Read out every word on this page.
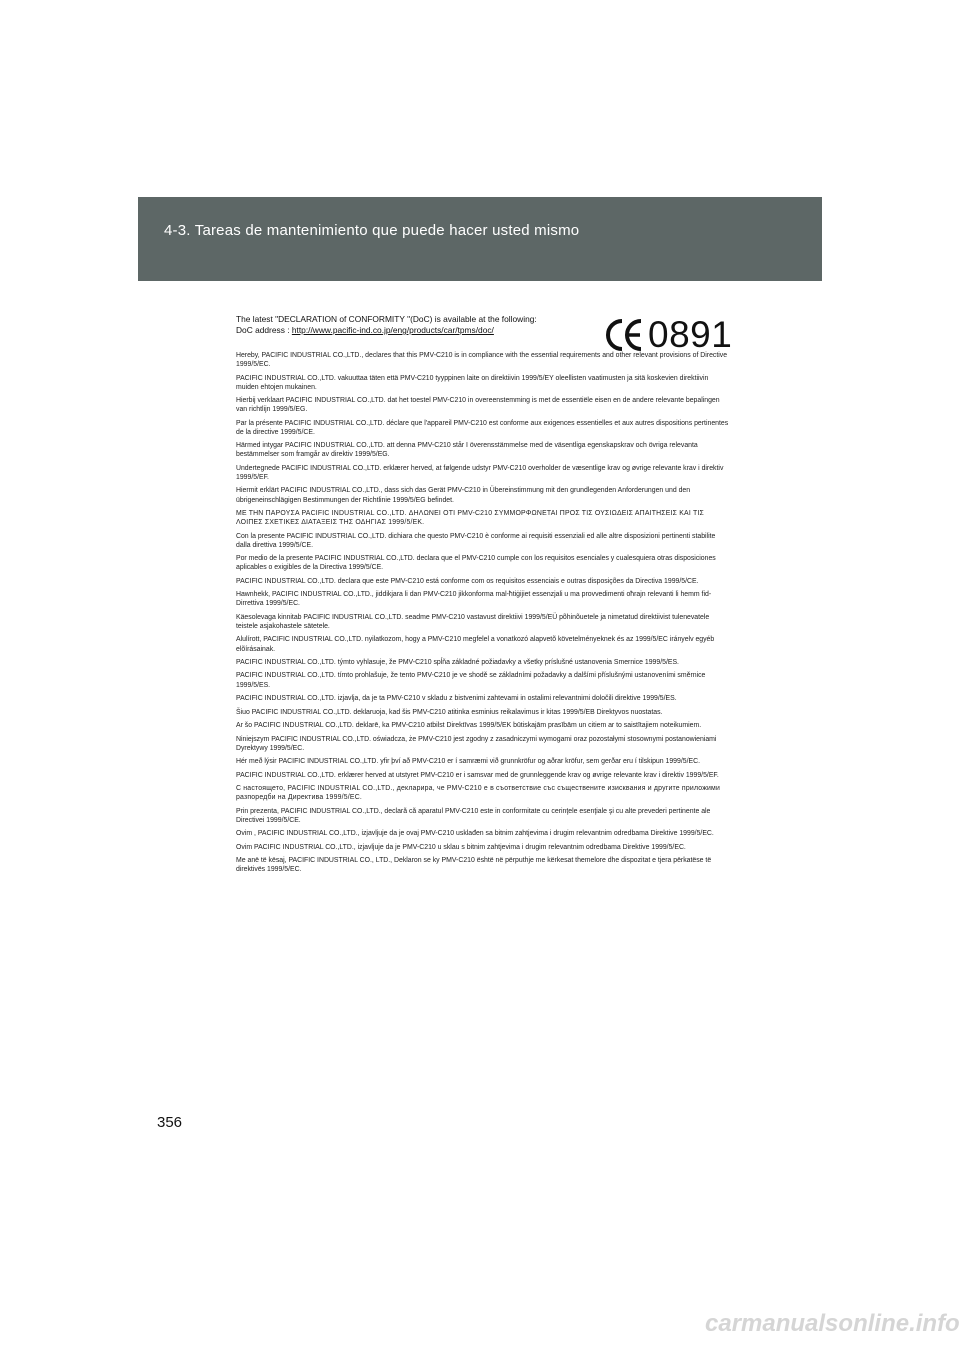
4-3. Tareas de mantenimiento que puede hacer usted mismo
The latest "DECLARATION of CONFORMITY "(DoC) is available at the following:
DoC address : http://www.pacific-ind.co.jp/eng/products/car/tpms/doc/	0891

Hereby, PACIFIC INDUSTRIAL CO.,LTD., declares that this PMV-C210 is in compliance with the essential requirements and other relevant provisions of Directive 1999/5/EC.

PACIFIC INDUSTRIAL CO.,LTD. vakuuttaa täten että PMV-C210 tyyppinen laite on direktiivin 1999/5/EY oleellisten vaatimusten ja sitä koskevien direktiivin muiden ehtojen mukainen.

Hierbij verklaart PACIFIC INDUSTRIAL CO.,LTD. dat het toestel PMV-C210 in overeenstemming is met de essentiële eisen en de andere relevante bepalingen van richtlijn 1999/5/EG.

Par la présente PACIFIC INDUSTRIAL CO.,LTD. déclare que l'appareil PMV-C210 est conforme aux exigences essentielles et aux autres dispositions pertinentes de la directive 1999/5/CE.

Härmed intygar PACIFIC INDUSTRIAL CO.,LTD. att denna PMV-C210 står I överensstämmelse med de väsentliga egenskapskrav och övriga relevanta bestämmelser som framgår av direktiv 1999/5/EG.

Undertegnede PACIFIC INDUSTRIAL CO.,LTD. erklærer herved, at følgende udstyr PMV-C210 overholder de væsentlige krav og øvrige relevante krav i direktiv 1999/5/EF.

Hiermit erklärt PACIFIC INDUSTRIAL CO.,LTD., dass sich das Gerät PMV-C210 in Übereinstimmung mit den grundlegenden Anforderungen und den übrigeneinschlägigen Bestimmungen der Richtlinie 1999/5/EG befindet.

ΜΕ ΤΗΝ ΠΑΡΟΥΣΑ PACIFIC INDUSTRIAL CO.,LTD. ΔΗΛΩΝΕΙ ΟΤΙ PMV-C210 ΣΥΜΜΟΡΦΩΝΕΤΑΙ ΠΡΟΣ ΤΙΣ ΟΥΣΙΩΔΕΙΣ ΑΠΑΙΤΗΣΕΙΣ ΚΑΙ ΤΙΣ ΛΟΙΠΕΣ ΣΧΕΤΙΚΕΣ ΔΙΑΤΑΞΕΙΣ ΤΗΣ ΟΔΗΓΙΑΣ 1999/5/ΕΚ.

Con la presente PACIFIC INDUSTRIAL CO.,LTD. dichiara che questo PMV-C210 è conforme ai requisiti essenziali ed alle altre disposizioni pertinenti stabilite dalla direttiva 1999/5/CE.

Por medio de la presente PACIFIC INDUSTRIAL CO.,LTD. declara que el PMV-C210 cumple con los requisitos esenciales y cualesquiera otras disposiciones aplicables o exigibles de la Directiva 1999/5/CE.

PACIFIC INDUSTRIAL CO.,LTD. declara que este PMV-C210 está conforme com os requisitos essenciais e outras disposições da Directiva 1999/5/CE.

Hawnhekk, PACIFIC INDUSTRIAL CO.,LTD., jiddikjara li dan PMV-C210 jikkonforma mal-ħtiġijiet essenzjali u ma provvedimenti oħrajn relevanti li hemm fid-Dirrettiva 1999/5/EC.

Käesolevaga kinnitab PACIFIC INDUSTRIAL CO.,LTD. seadme PMV-C210 vastavust direktiivi 1999/5/EÜ põhinõuetele ja nimetatud direktiivist tulenevatele teistele asjakohastele sätetele.

Alulírott, PACIFIC INDUSTRIAL CO.,LTD. nyilatkozom, hogy a PMV-C210 megfelel a vonatkozó alapvetõ követelményeknek és az 1999/5/EC irányelv egyéb elõírásainak.

PACIFIC INDUSTRIAL CO.,LTD. týmto vyhlasuje, že PMV-C210 spĺňa základné požiadavky a všetky príslušné ustanovenia Smernice 1999/5/ES.

PACIFIC INDUSTRIAL CO.,LTD. tímto prohlašuje, že tento PMV-C210 je ve shodě se základními požadavky a dalšími příslušnými ustanoveními směrnice 1999/5/ES.

PACIFIC INDUSTRIAL CO.,LTD. izjavlja, da je ta PMV-C210 v skladu z bistvenimi zahtevami in ostalimi relevantnimi določili direktive 1999/5/ES.

Šiuo PACIFIC INDUSTRIAL CO.,LTD. deklaruoja, kad šis PMV-C210 atitinka esminius reikalavimus ir kitas 1999/5/EB Direktyvos nuostatas.

Ar šo PACIFIC INDUSTRIAL CO.,LTD. deklarē, ka PMV-C210 atbilst Direktīvas 1999/5/EK būtiskajām prasībām un citiem ar to saistītajiem noteikumiem.

Niniejszym PACIFIC INDUSTRIAL CO.,LTD. oświadcza, że PMV-C210 jest zgodny z zasadniczymi wymogami oraz pozostałymi stosownymi postanowieniami Dyrektywy 1999/5/EC.

Hér með lýsir PACIFIC INDUSTRIAL CO.,LTD. yfir því að PMV-C210 er í samræmi við grunnkröfur og aðrar kröfur, sem gerðar eru í tilskipun 1999/5/EC.

PACIFIC INDUSTRIAL CO.,LTD. erklærer herved at utstyret PMV-C210 er i samsvar med de grunnleggende krav og øvrige relevante krav i direktiv 1999/5/EF.

С настоящето, PACIFIC INDUSTRIAL CO.,LTD., декларира, че PMV-C210 е в съответствие със съществените изисквания и другите приложими разпоредби на Директива 1999/5/ЕС.

Prin prezenta, PACIFIC INDUSTRIAL CO.,LTD., declară că aparatul PMV-C210 este in conformitate cu cerinţele esenţiale şi cu alte prevederi pertinente ale Directivei 1999/5/CE.

Ovim , PACIFIC INDUSTRIAL CO.,LTD., izjavljuje da je ovaj PMV-C210 usklađen sa bitnim zahtjevima i drugim relevantnim odredbama Direktive 1999/5/EC.

Ovim PACIFIC INDUSTRIAL CO.,LTD., izjavljuje da je PMV-C210 u sklau s bitnim zahtjevima i drugim relevantnim odredbama Direktive 1999/5/EC.

Me anë të kësaj, PACIFIC INDUSTRIAL CO., LTD., Deklaron se ky PMV-C210 është në përputhje me kërkesat themelore dhe dispozitat e tjera përkatëse të direktivës 1999/5/EC.

356
carmanualsonline.info
